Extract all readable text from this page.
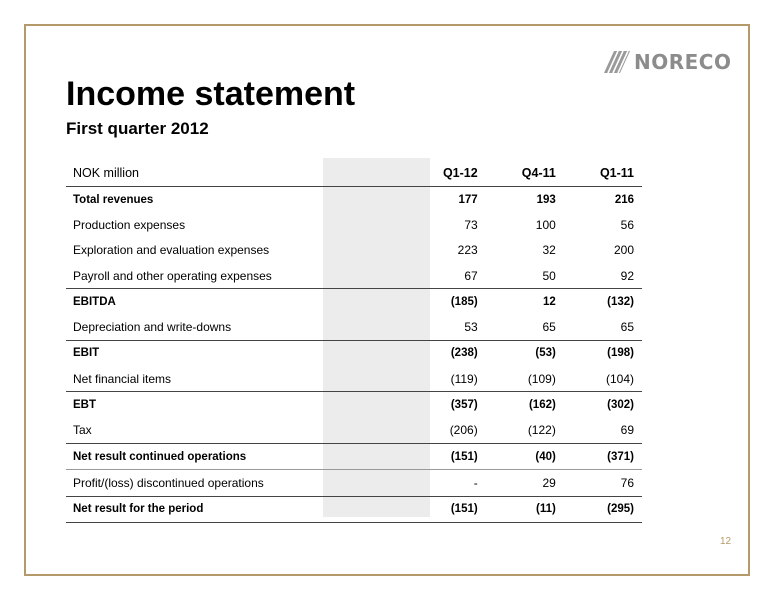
NORECO
Income statement
First quarter 2012
NOK million	Q1-12	Q4-11	Q1-11
Total revenues	177	193	216
Production expenses	73	100	56
Exploration and evaluation expenses	223	32	200
Payroll and other operating expenses	67	50	92
EBITDA	(185)	12	(132)
Depreciation and write-downs	53	65	65
EBIT	(238)	(53)	(198)
Net financial items	(119)	(109)	(104)
EBT	(357)	(162)	(302)
Tax	(206)	(122)	69
Net result continued operations	(151)	(40)	(371)
Profit/(loss) discontinued operations	-	29	76
Net result for the period	(151)	(11)	(295)
12
